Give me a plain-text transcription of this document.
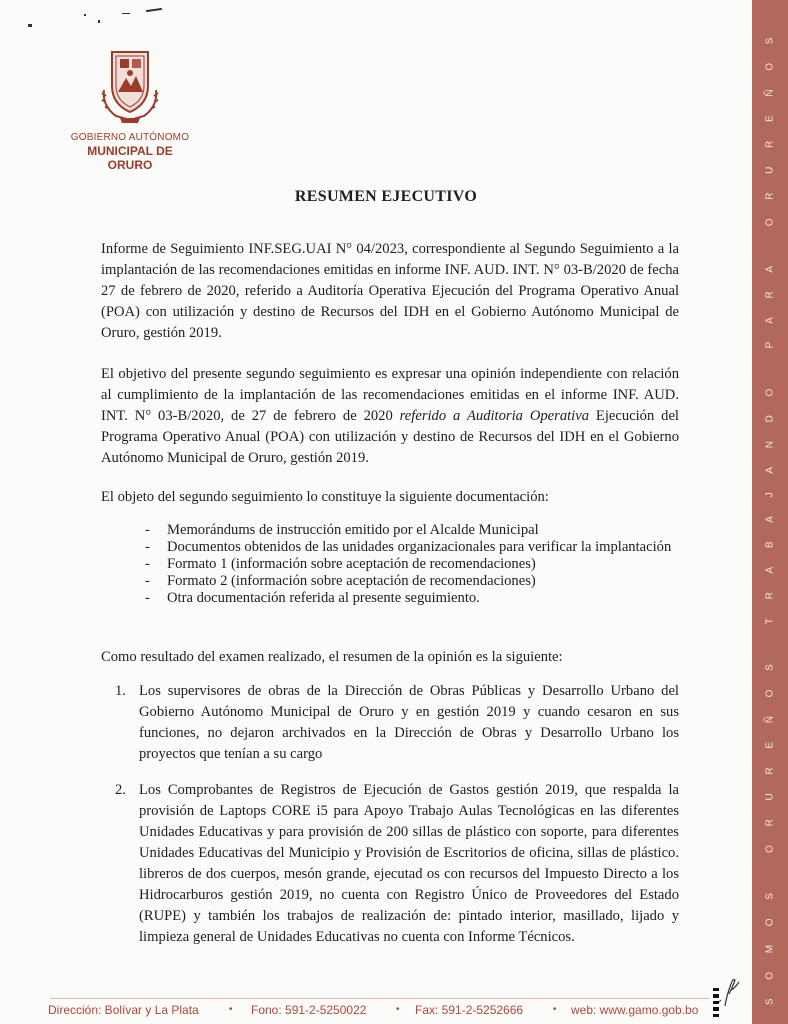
GOBIERNO AUTÓNOMO
MUNICIPAL DE ORURO	SOMOS ORUREÑOS TRABAJANDO PARA ORUREÑOS
RESUMEN EJECUTIVO

Informe de Seguimiento INF.SEG.UAI N° 04/2023, correspondiente al Segundo Seguimiento a la implantación de las recomendaciones emitidas en informe INF. AUD. INT. N° 03-B/2020 de fecha 27 de febrero de 2020, referido a Auditoría Operativa Ejecución del Programa Operativo Anual (POA) con utilización y destino de Recursos del IDH en el Gobierno Autónomo Municipal de Oruro, gestión 2019.

El objetivo del presente segundo seguimiento es expresar una opinión independiente con relación al cumplimiento de la implantación de las recomendaciones emitidas en el informe INF. AUD. INT. N° 03-B/2020, de 27 de febrero de 2020 referido a Auditoria Operativa Ejecución del Programa Operativo Anual (POA) con utilización y destino de Recursos del IDH en el Gobierno Autónomo Municipal de Oruro, gestión 2019.

El objeto del segundo seguimiento lo constituye la siguiente documentación:

- Memorándums de instrucción emitido por el Alcalde Municipal
- Documentos obtenidos de las unidades organizacionales para verificar la implantación
- Formato 1 (información sobre aceptación de recomendaciones)
- Formato 2 (información sobre aceptación de recomendaciones)
- Otra documentación referida al presente seguimiento.

Como resultado del examen realizado, el resumen de la opinión es la siguiente:

1. Los supervisores de obras de la Dirección de Obras Públicas y Desarrollo Urbano del Gobierno Autónomo Municipal de Oruro y en gestión 2019 y cuando cesaron en sus funciones, no dejaron archivados en la Dirección de Obras y Desarrollo Urbano los proyectos que tenían a su cargo
2. Los Comprobantes de Registros de Ejecución de Gastos gestión 2019, que respalda la provisión de Laptops CORE i5 para Apoyo Trabajo Aulas Tecnológicas en las diferentes Unidades Educativas y para provisión de 200 sillas de plástico con soporte, para diferentes Unidades Educativas del Municipio y Provisión de Escritorios de oficina, sillas de plástico. libreros de dos cuerpos, mesón grande, ejecutad os con recursos del Impuesto Directo a los Hidrocarburos gestión 2019, no cuenta con Registro Único de Proveedores del Estado (RUPE) y también los trabajos de realización de: pintado interior, masillado, lijado y limpieza general de Unidades Educativas no cuenta con Informe Técnicos.
Dirección: Bolívar y La Plata	• Fono: 591-2-5250022	• Fax: 591-2-5252666	• web: www.gamo.gob.bo
